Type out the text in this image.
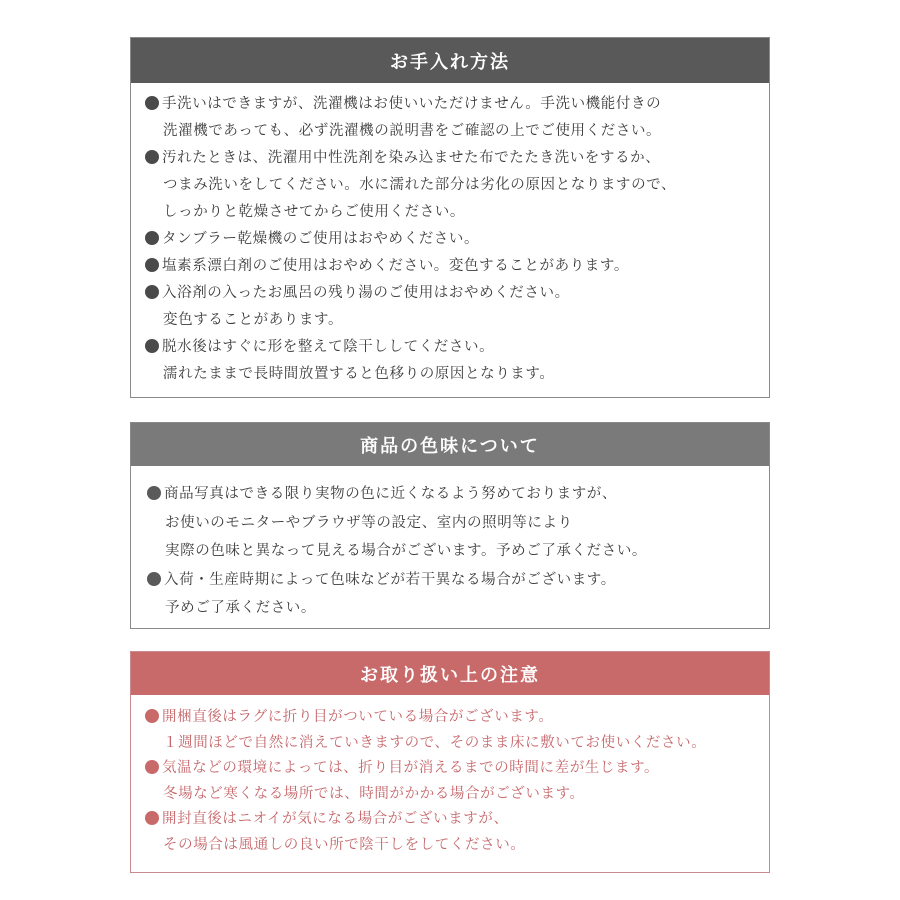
お手入れ方法
手洗いはできますが、洗濯機はお使いいただけません。手洗い機能付きの
洗濯機であっても、必ず洗濯機の説明書をご確認の上でご使用ください。
汚れたときは、洗濯用中性洗剤を染み込ませた布でたたき洗いをするか、
つまみ洗いをしてください。水に濡れた部分は劣化の原因となりますので、
しっかりと乾燥させてからご使用ください。
タンブラー乾燥機のご使用はおやめください。
塩素系漂白剤のご使用はおやめください。変色することがあります。
入浴剤の入ったお風呂の残り湯のご使用はおやめください。
変色することがあります。
脱水後はすぐに形を整えて陰干ししてください。
濡れたままで長時間放置すると色移りの原因となります。
商品の色味について
商品写真はできる限り実物の色に近くなるよう努めておりますが、
お使いのモニターやブラウザ等の設定、室内の照明等により
実際の色味と異なって見える場合がございます。予めご了承ください。
入荷・生産時期によって色味などが若干異なる場合がございます。
予めご了承ください。
お取り扱い上の注意
開梱直後はラグに折り目がついている場合がございます。
１週間ほどで自然に消えていきますので、そのまま床に敷いてお使いください。
気温などの環境によっては、折り目が消えるまでの時間に差が生じます。
冬場など寒くなる場所では、時間がかかる場合がございます。
開封直後はニオイが気になる場合がございますが、
その場合は風通しの良い所で陰干しをしてください。
